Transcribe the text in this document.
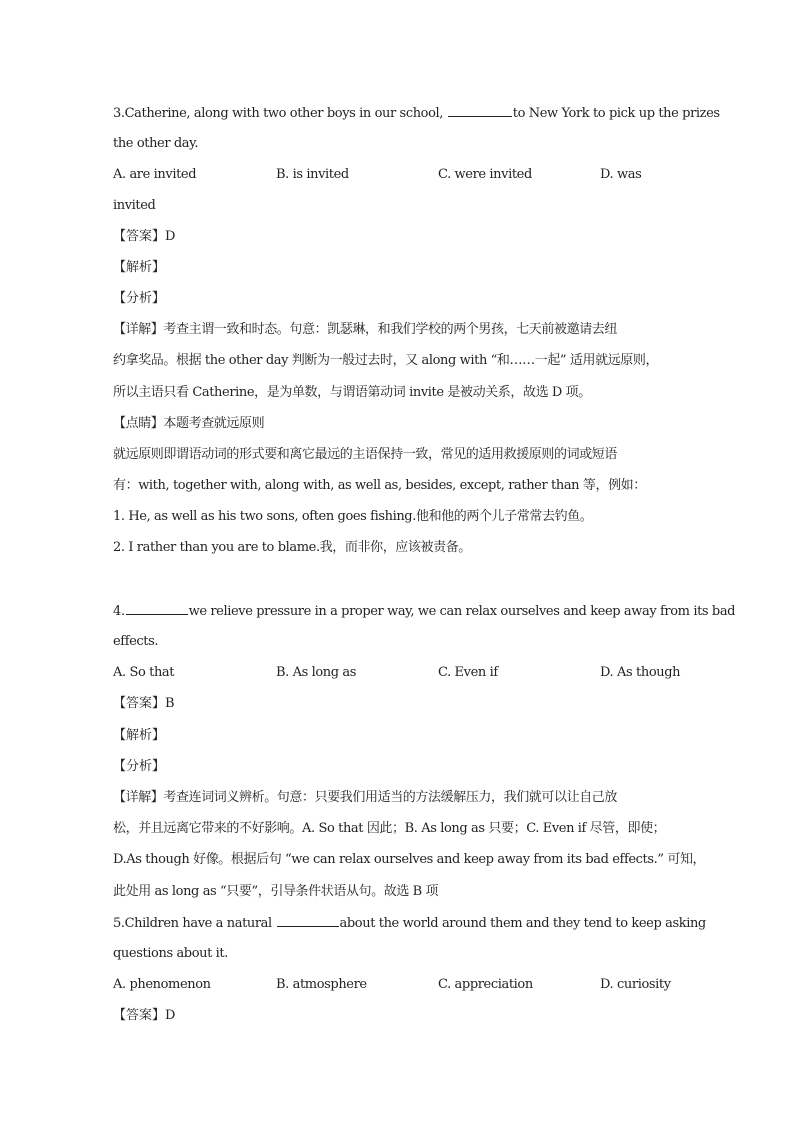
3.Catherine, along with two other boys in our school,	to New York to pick up the prizes
the other day.
A. are invited	B. is invited	C. were invited	D. was
invited
【答案】D
【解析】
【分析】
【详解】考查主谓一致和时态。句意：凯瑟琳，和我们学校的两个男孩，七天前被邀请去纽
约拿奖品。根据 the other day 判断为一般过去时，又 along with “和……一起” 适用就远原则，
所以主语只看 Catherine，是为单数，与谓语第动词 invite 是被动关系，故选 D 项。
【点睛】本题考查就远原则
就远原则即谓语动词的形式要和离它最远的主语保持一致，常见的适用救援原则的词或短语
有：with, together with, along with, as well as, besides, except, rather than 等，例如：
1. He, as well as his two sons, often goes fishing.他和他的两个儿子常常去钓鱼。
2. I rather than you are to blame.我，而非你，应该被责备。
4.	we relieve pressure in a proper way, we can relax ourselves and keep away from its bad
effects.
A. So that	B. As long as	C. Even if	D. As though
【答案】B
【解析】
【分析】
【详解】考查连词词义辨析。句意：只要我们用适当的方法缓解压力，我们就可以让自己放
松，并且远离它带来的不好影响。A. So that 因此；B. As long as 只要；C. Even if 尽管，即使；
D.As though 好像。根据后句 “we can relax ourselves and keep away from its bad effects.” 可知，
此处用 as long as “只要”，引导条件状语从句。故选 B 项
5.Children have a natural	about the world around them and they tend to keep asking
questions about it.
A. phenomenon	B. atmosphere	C. appreciation	D. curiosity
【答案】D
